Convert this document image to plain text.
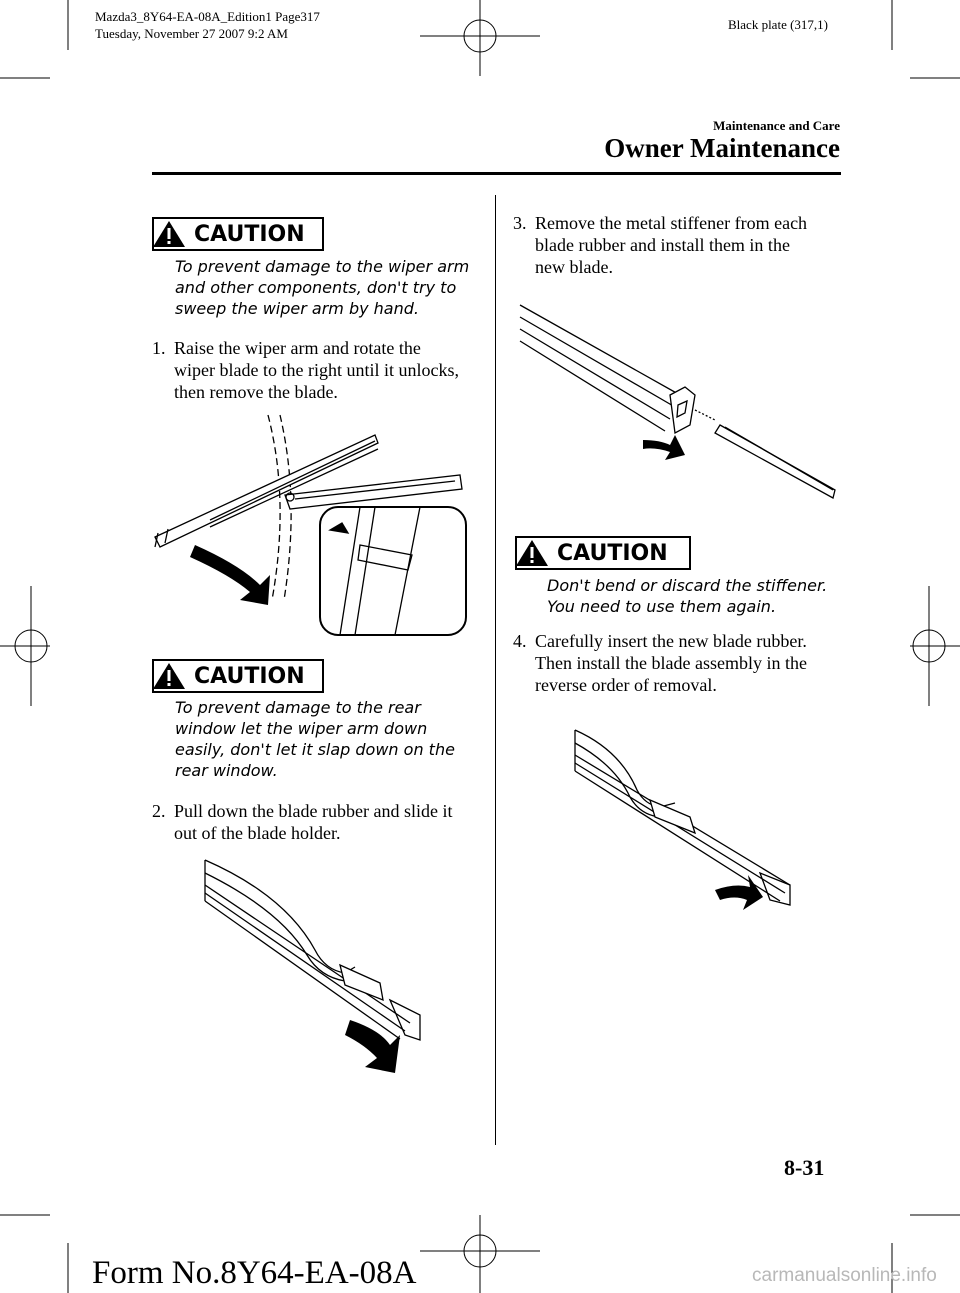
Mazda3_8Y64-EA-08A_Edition1 Page317
Tuesday, November 27 2007 9:2 AM
Black plate (317,1)
Maintenance and Care
Owner Maintenance
CAUTION
To prevent damage to the wiper arm
and other components, don't try to
sweep the wiper arm by hand.
1. Raise the wiper arm and rotate the
wiper blade to the right until it unlocks,
then remove the blade.
CAUTION
To prevent damage to the rear
window let the wiper arm down
easily, don't let it slap down on the
rear window.
2. Pull down the blade rubber and slide it
out of the blade holder.
3. Remove the metal stiffener from each
blade rubber and install them in the
new blade.
CAUTION
Don't bend or discard the stiffener.
You need to use them again.
4. Carefully insert the new blade rubber.
Then install the blade assembly in the
reverse order of removal.
8-31
Form No.8Y64-EA-08A	carmanualsonline.info
